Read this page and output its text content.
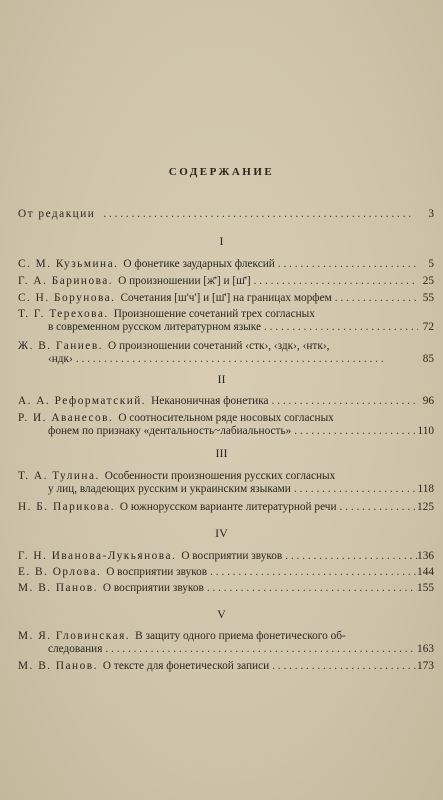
СОДЕРЖАНИЕ
От редакции . . .	3
I
С. М. Кузьмина. О фонетике заударных флексий . . .	5
Г. А. Баринова. О произношении [ж̄'] и [ш̄'] . . .	25
С. Н. Борунова. Сочетания [ш'ч'] и [ш̄'] на границах морфем . . .	55
Т. Г. Терехова. Произношение сочетаний трех согласных
в современном русском литературном языке . . .	72
Ж. В. Ганиев. О произношении сочетаний ‹стк›, ‹здк›, ‹нтк›,
‹ндк› . . .	85
II
А. А. Реформатский. Неканоничная фонетика . . .	96
Р. И. Аванесов. О соотносительном ряде носовых согласных
фонем по признаку «дентальность~лабиальность» . . .	110
III
Т. А. Тулина. Особенности произношения русских согласных
у лиц, владеющих русским и украинским языками . . .	118
Н. Б. Парикова. О южнорусском варианте литературной речи . . .	125
IV
Г. Н. Иванова-Лукьянова. О восприятии звуков . . .	136
Е. В. Орлова. О восприятии звуков . . .	144
М. В. Панов. О восприятии звуков . . .	155
V
М. Я. Гловинская. В защиту одного приема фонетического об-
следования . . .	163
М. В. Панов. О тексте для фонетической записи . . .	173
